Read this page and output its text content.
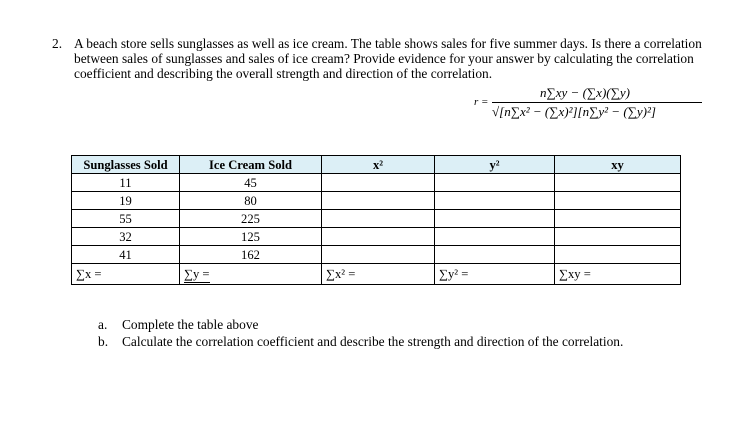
2. A beach store sells sunglasses as well as ice cream. The table shows sales for five summer days. Is there a correlation between sales of sunglasses and sales of ice cream? Provide evidence for your answer by calculating the correlation coefficient and describing the overall strength and direction of the correlation.
r =
n∑xy − (∑x)(∑y)
√[n∑x² − (∑x)²][n∑y² − (∑y)²]
Sunglasses Sold	Ice Cream Sold	x²	y²	xy
11	45			
19	80			
55	225			
32	125			
41	162			
∑x =	∑y =	∑x² =	∑y² =	∑xy =
a.	Complete the table above
b.	Calculate the correlation coefficient and describe the strength and direction of the correlation.
